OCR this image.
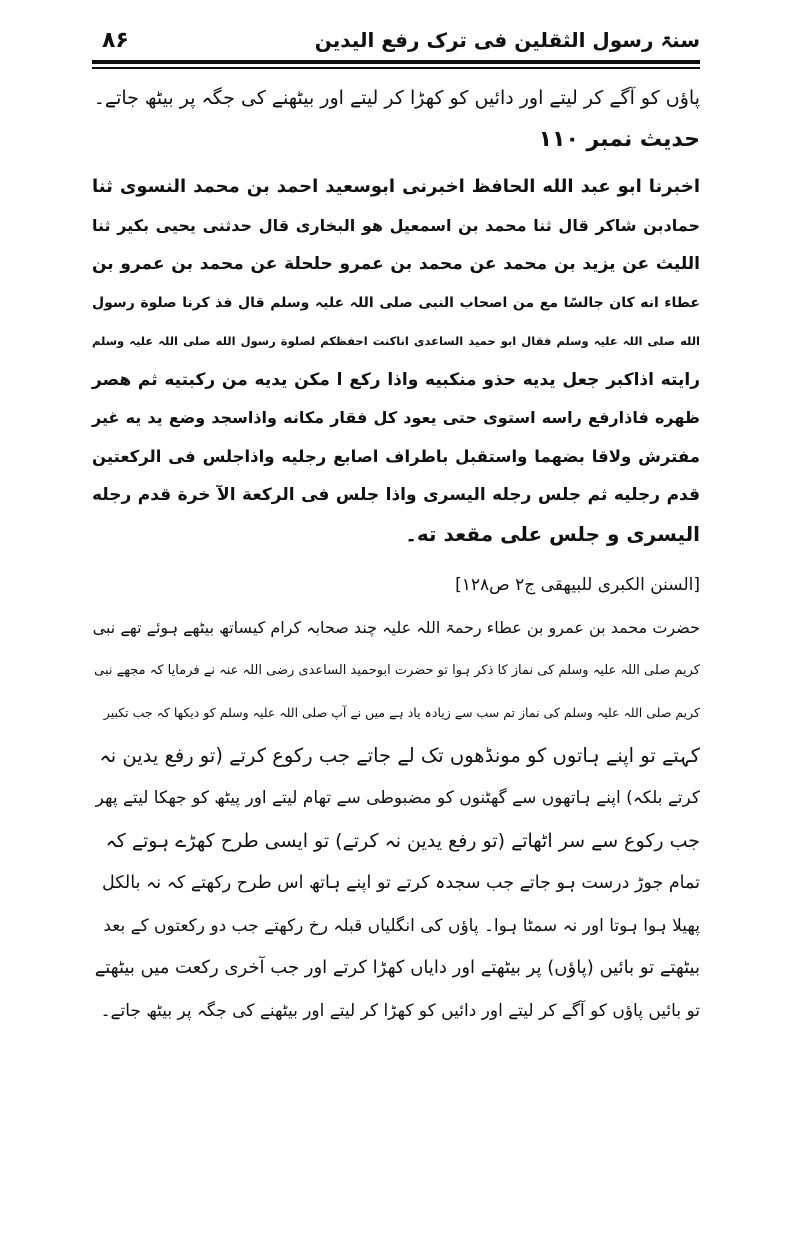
۸۶	سنۃ رسول الثقلین فی ترک رفع الیدین

پاؤں کو آگے کر لیتے اور دائیں کو کھڑا کر لیتے اور بیٹھنے کی جگہ پر بیٹھ جاتے۔

حدیث نمبر ۱۱۰

اخبرنا ابو عبد الله الحافظ اخبرنی ابوسعید احمد بن محمد النسوی ثنا

حمادبن شاکر قال ثنا محمد بن اسمعیل هو البخاری قال حدثنی یحیی بکیر ثنا

اللیث عن یزید بن محمد عن محمد بن عمرو حلحلة عن محمد بن عمرو بن

عطاء انه کان جالسًا مع من اصحاب النبی صلی اللہ علیہ وسلم قال فذ کرنا صلوة رسول

الله صلی اللہ علیہ وسلم فقال ابو حمید الساعدی اناکنت احفظکم لصلوة رسول الله صلی اللہ علیہ وسلم

رایته اذاکبر جعل یدیه حذو منکبیه واذا رکع ا مکن یدیه من رکبتیه ثم هصر

ظهره فاذارفع راسه استوی حتی یعود کل فقار مکانه واذاسجد وضع ید یه غیر

مفترش ولاقا بضهما واستقبل باطراف اصابع رجلیه واذاجلس فی الرکعتین

قدم رجلیه ثم جلس رجله الیسری واذا جلس فی الرکعة الآ خرة قدم رجله

الیسری و جلس علی مقعد ته۔

[السنن الکبری للبیهقی ج۲ ص۱۲۸]

حضرت محمد بن عمرو بن عطاء رحمۃ اللہ علیہ چند صحابہ کرام کیساتھ بیٹھے ہوئے تھے نبی

کریم صلی اللہ علیہ وسلم کی نماز کا ذکر ہوا تو حضرت ابوحمید الساعدی رضی اللہ عنہ نے فرمایا کہ مجھے نبی

کریم صلی اللہ علیہ وسلم کی نماز تم سب سے زیادہ یاد ہے میں نے آپ صلی اللہ علیہ وسلم کو دیکھا کہ جب تکبیر

کہتے تو اپنے ہاتوں کو مونڈھوں تک لے جاتے جب رکوع کرتے (تو رفع یدین نہ

کرتے بلکہ) اپنے ہاتھوں سے گھٹنوں کو مضبوطی سے تھام لیتے اور پیٹھ کو جھکا لیتے پھر

جب رکوع سے سر اٹھاتے (تو رفع یدین نہ کرتے) تو ایسی طرح کھڑے ہوتے کہ

تمام جوڑ درست ہو جاتے جب سجدہ کرتے تو اپنے ہاتھ اس طرح رکھتے کہ نہ بالکل

پھیلا ہوا ہوتا اور نہ سمٹا ہوا۔ پاؤں کی انگلیاں قبلہ رخ رکھتے جب دو رکعتوں کے بعد

بیٹھتے تو بائیں (پاؤں) پر بیٹھتے اور دایاں کھڑا کرتے اور جب آخری رکعت میں بیٹھتے

تو بائیں پاؤں کو آگے کر لیتے اور دائیں کو کھڑا کر لیتے اور بیٹھنے کی جگہ پر بیٹھ جاتے۔
